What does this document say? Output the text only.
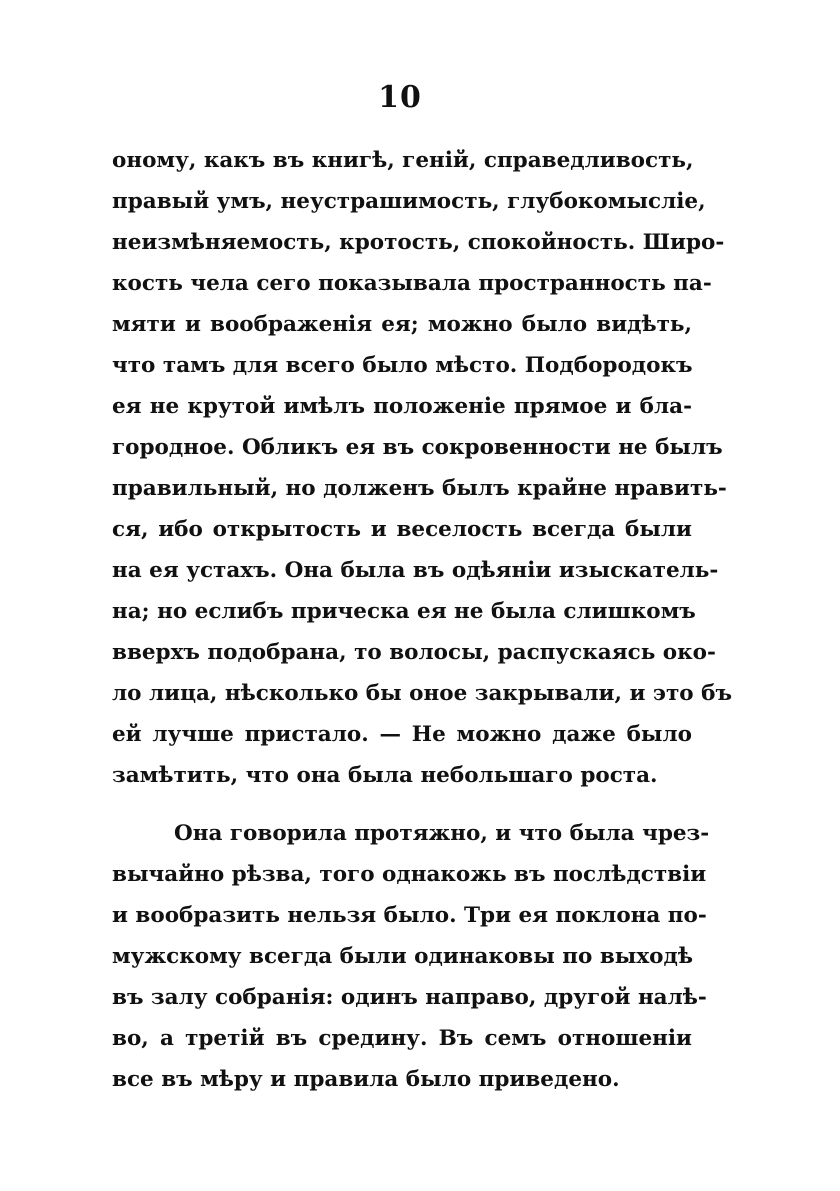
10
оному, какъ въ книгѣ, геній, справедливость,
правый умъ, неустрашимость, глубокомысліе,
неизмѣняемость, кротость, спокойность. Широ-
кость чела сего показывала пространность па-
мяти и воображенія ея; можно было видѣть,
что тамъ для всего было мѣсто. Подбородокъ
ея не крутой имѣлъ положеніе прямое и бла-
городное. Обликъ ея въ сокровенности не былъ
правильный, но долженъ былъ крайне нравить-
ся, ибо открытость и веселость всегда были
на ея устахъ. Она была въ одѣяніи изыскатель-
на; но еслибъ прическа ея не была слишкомъ
вверхъ подобрана, то волосы, распускаясь око-
ло лица, нѣсколько бы оное закрывали, и это бъ
ей лучше пристало. — Не можно даже было
замѣтить, что она была небольшаго роста.
Она говорила протяжно, и что была чрез-
вычайно рѣзва, того однакожь въ послѣдствіи
и вообразить нельзя было. Три ея поклона по-
мужскому всегда были одинаковы по выходѣ
въ залу собранія: одинъ направо, другой налѣ-
во, а третій въ средину. Въ семъ отношеніи
все въ мѣру и правила было приведено.
